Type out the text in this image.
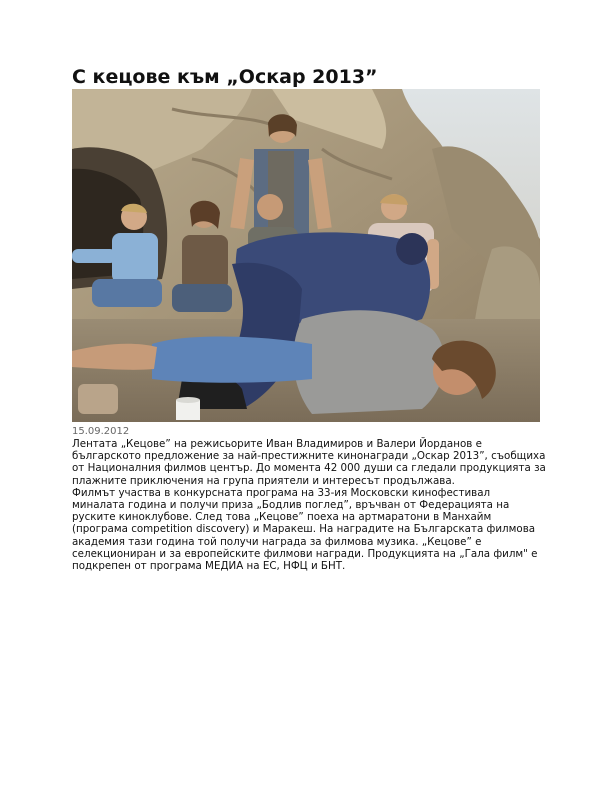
С кецове към „Оскар 2013”
15.09.2012

Лентата „Кецове” на режисьорите Иван Владимиров и Валери Йорданов е

българското предложение за най-престижните кинонагради „Оскар 2013”, съобщиха

от Националния филмов център. До момента 42 000 души са гледали продукцията за

плажните приключения на група приятели и интересът продължава.

Филмът участва в конкурсната програма на 33-ия Московски кинофестивал

миналата година и получи приза „Бодлив поглед”, връчван от Федерацията на

руските киноклубове. След това „Кецове” поеха на артмаратони в Манхайм

(програма competition discovery) и Маракеш. На наградите на Българската филмова

академия тази година той получи награда за филмова музика. „Кецове” е

селекциониран и за европейските филмови награди. Продукцията на „Гала филм" е

подкрепен от програма МЕДИА на ЕС, НФЦ и БНТ.
